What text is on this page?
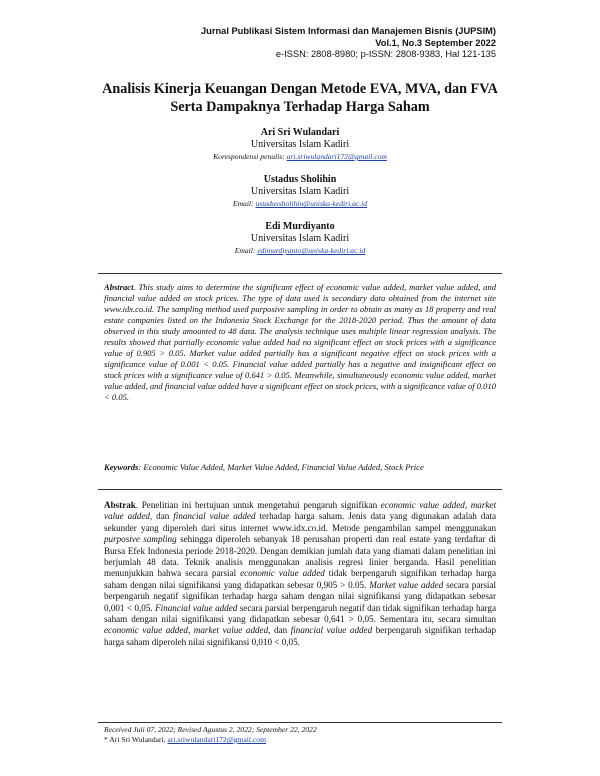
Jurnal Publikasi Sistem Informasi dan Manajemen Bisnis (JUPSIM)
Vol.1, No.3 September 2022
e-ISSN: 2808-8980; p-ISSN: 2808-9383, Hal 121-135
Analisis Kinerja Keuangan Dengan Metode EVA, MVA, dan FVA Serta Dampaknya Terhadap Harga Saham
Ari Sri Wulandari
Universitas Islam Kadiri
Korespondensi penulis: ari.sriwulandari172@gmail.com
Ustadus Sholihin
Universitas Islam Kadiri
Email: ustadussholihin@uniska-kediri.ac.id
Edi Murdiyanto
Universitas Islam Kadiri
Email: edimurdiyanto@uniska-kediri.ac.id
Abstract. This study aims to determine the significant effect of economic value added, market value added, and financial value added on stock prices. The type of data used is secondary data obtained from the internet site www.idx.co.id. The sampling method used purposive sampling in order to obtain as many as 18 property and real estate companies listed on the Indonesia Stock Exchange for the 2018-2020 period. Thus the amount of data observed in this study amounted to 48 data. The analysis technique uses multiple linear regression analysis. The results showed that partially economic value added had no significant effect on stock prices with a significance value of 0.905 > 0.05. Market value added partially has a significant negative effect on stock prices with a significance value of 0.001 < 0.05. Financial value added partially has a negative and insignificant effect on stock prices with a significance value of 0.641 > 0.05. Meanwhile, simultaneously economic value added, market value added, and financial value added have a significant effect on stock prices, with a significance value of 0.010 < 0.05.
Keywords: Economic Value Added, Market Value Added, Financial Value Added, Stock Price
Abstrak. Penelitian ini bertujuan untuk mengetahui pengaruh signifikan economic value added, market value added, dan financial value added terhadap harga saham. Jenis data yang digunakan adalah data sekunder yang diperoleh dari situs internet www.idx.co.id. Metode pengambilan sampel menggunakan purposive sampling sehingga diperoleh sebanyak 18 perusahan properti dan real estate yang terdaftar di Bursa Efek Indonesia periode 2018-2020. Dengan demikian jumlah data yang diamati dalam penelitian ini berjumlah 48 data. Teknik analisis menggunakan analisis regresi linier berganda. Hasil penelitian menunjukkan bahwa secara parsial economic value added tidak berpengaruh signifikan terhadap harga saham dengan nilai signifikansi yang didapatkan sebesar 0,905 > 0.05. Market value added secara parsial berpengaruh negatif signifikan terhadap harga saham dengan nilai signifikansi yang didapatkan sebesar 0,001 < 0,05. Financial value added secara parsial berpengaruh negatif dan tidak signifikan terhadap harga saham dengan nilai signifikansi yang didapatkan sebesar 0,641 > 0,05. Sementara itu, secara simultan economic value added, market value added, dan financial value added berpengaruh signifikan terhadap harga saham diperoleh nilai signifikansi 0,010 < 0,05.
Received Juli 07, 2022; Revised Agustus 2, 2022; September 22, 2022
* Ari Sri Wulandari, ari.sriwulandari172@gmail.com
